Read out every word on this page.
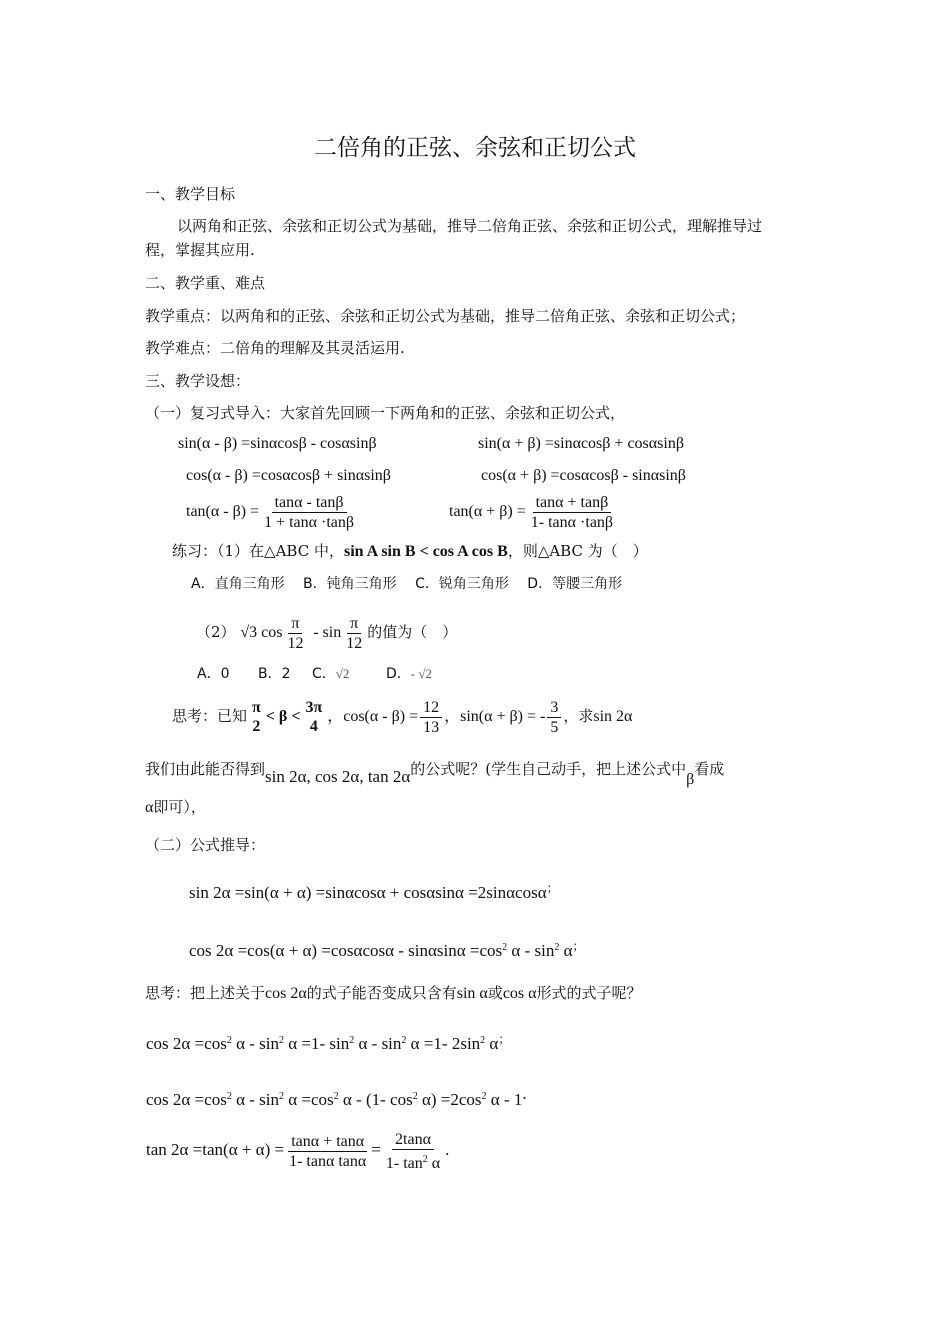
二倍角的正弦、余弦和正切公式
一、教学目标
以两角和正弦、余弦和正切公式为基础，推导二倍角正弦、余弦和正切公式，理解推导过
程，掌握其应用.
二、教学重、难点
教学重点：以两角和的正弦、余弦和正切公式为基础，推导二倍角正弦、余弦和正切公式；
教学难点：二倍角的理解及其灵活运用.
三、教学设想：
（一）复习式导入：大家首先回顾一下两角和的正弦、余弦和正切公式，
sin(α - β) =sinαcosβ - cosαsinβ	sin(α + β) =sinαcosβ + cosαsinβ
cos(α - β) =cosαcosβ + sinαsinβ	cos(α + β) =cosαcosβ - sinαsinβ
$\tan(\alpha - \beta) = \frac{\tan\alpha - \tan\beta}{1 + \tan\alpha \cdot\tan\beta}$	$\tan(\alpha + \beta) = \frac{\tan\alpha + \tan\beta}{1- \tan\alpha \cdot\tan\beta}$
练习：（1）在△ABC 中，sin A sin B < cos A cos B，则△ABC 为（　）
A．直角三角形　 B．钝角三角形　 C．锐角三角形　 D．等腰三角形
（2） √3 $\cos \frac{\pi}{12}$ - $\sin \frac{\pi}{12}$ 的值为（　）
A．0 B．2 C．√2	D．- √2
思考：已知 π
2
< β <
3π
4
，$\cos(\alpha - \beta) = \frac{12}{13}$ ，sin(α + β) = - $\frac{3}{5}$ ，求sin 2α
我们由此能否得到sin 2α, cos 2α, tan 2α的公式呢？(学生自己动手，把上述公式中β看成
α即可），
（二）公式推导：
sin 2α =sin(α + α) =sinαcosα + cosαsinα =2sinαcosα；
$\cos 2\alpha =\cos(\alpha + \alpha) =\cos\alpha\cos\alpha - \sin\alpha\sin\alpha =\cos^2$ α - $\sin^2 \alpha^;$
思考：把上述关于cos 2α的式子能否变成只含有sin α或cos α形式的式子呢？
$\cos 2\alpha =\cos^2$ $\alpha - \sin^2 \alpha =1-$ $\sin^2 \alpha - \sin^2 \alpha =1-$ $2\sin^2$ α；
$\cos 2\alpha =\cos^2$ $\alpha - \sin^2 \alpha =\cos^2$ α - (1- $\cos^2 \alpha) =2\cos^2$ α - 1.
$\tan 2\alpha =\tan(\alpha + \alpha) = \frac{\tan\alpha + \tan\alpha}{\text{1- tanα tanα}} = \frac{2\tan\alpha}{1- \tan^2 \alpha}$ .
